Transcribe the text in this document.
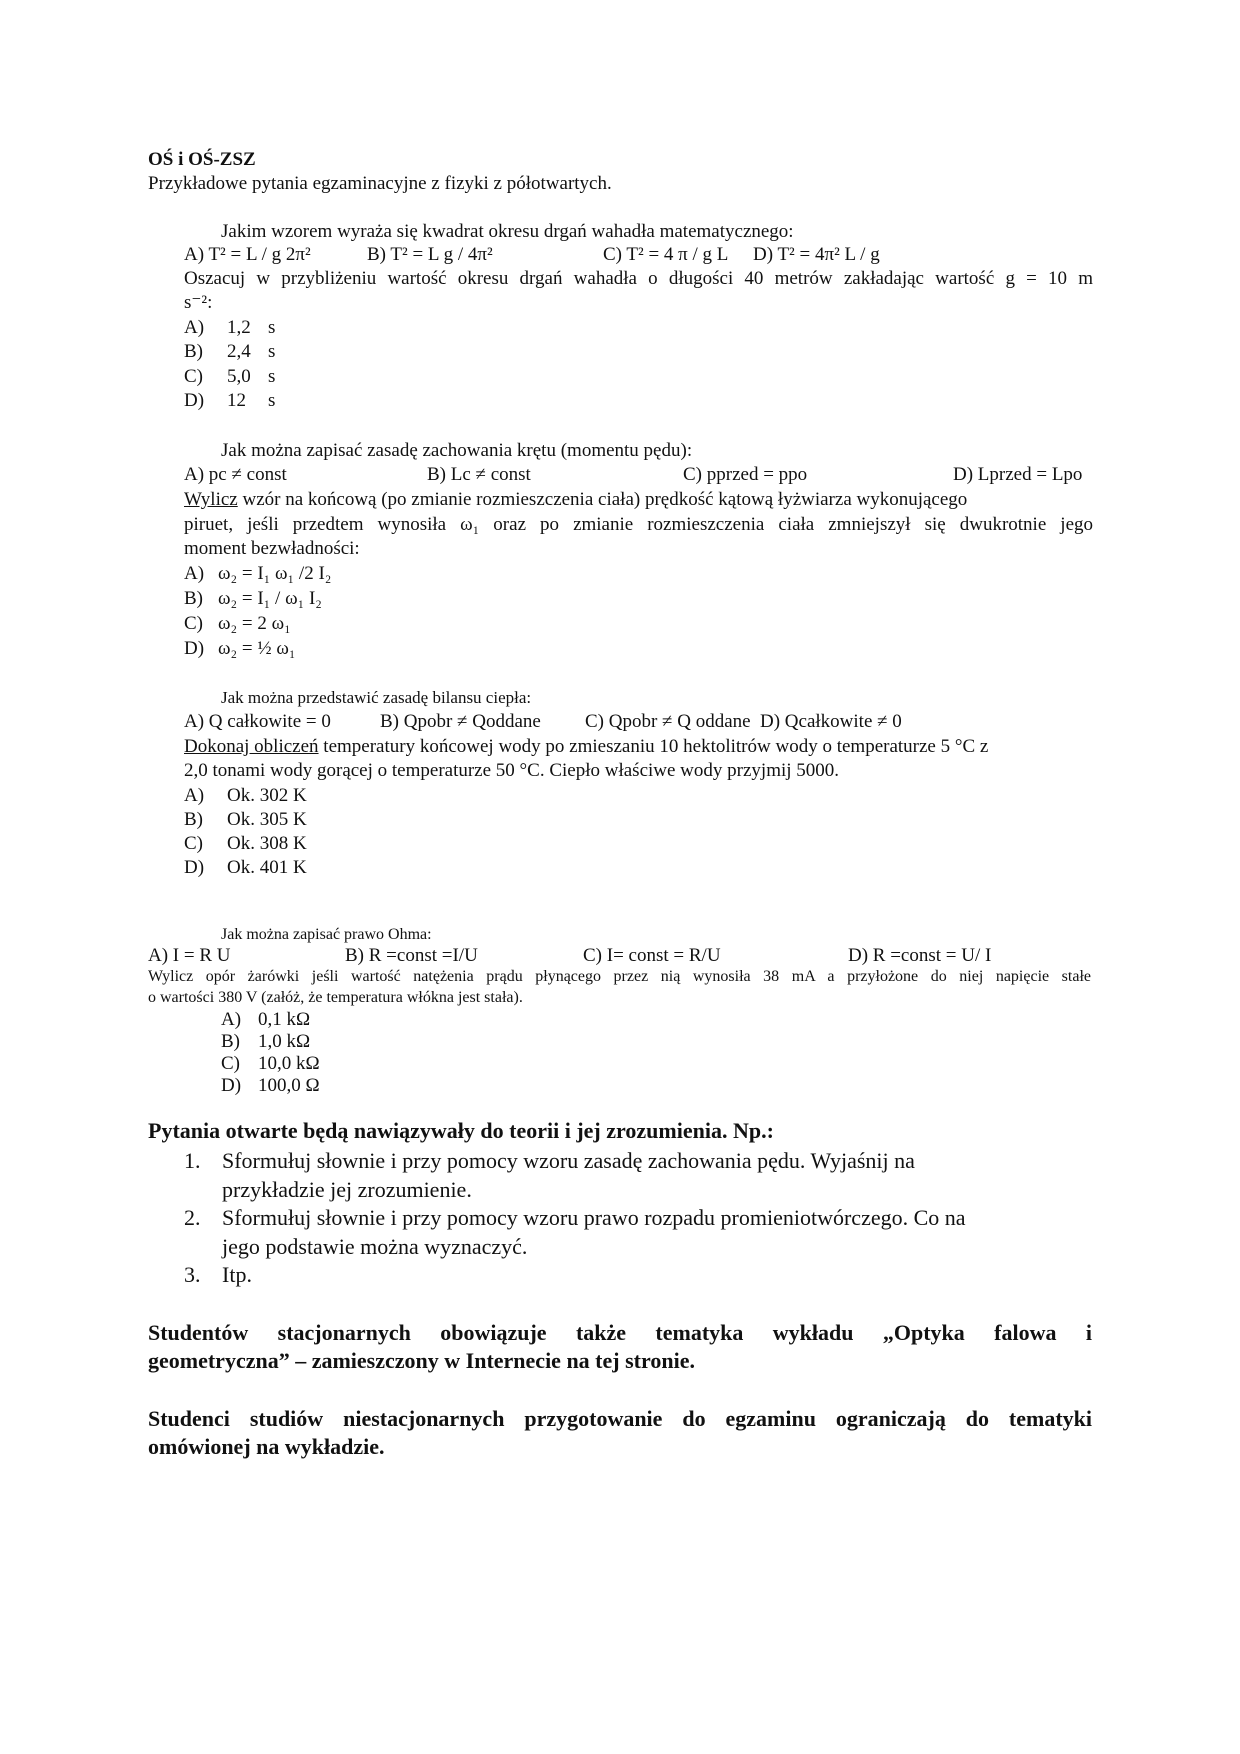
OŚ i OŚ-ZSZ
Przykładowe pytania egzaminacyjne z fizyki z półotwartych.
Jakim wzorem wyraża się kwadrat okresu drgań wahadła matematycznego:
A) T² = L / g 2π²	B) T² = L g / 4π²	C) T² = 4 π / g L D) T² = 4π² L / g
Oszacuj w przybliżeniu wartość okresu drgań wahadła o długości 40 metrów zakładając wartość g = 10 m
s⁻²:
A) 1,2 s
B) 2,4 s
C) 5,0 s
D) 12 s
Jak można zapisać zasadę zachowania krętu (momentu pędu):
A) pc ≠ const	B) Lc ≠ const	C) pprzed = ppo	D) Lprzed = Lpo
Wylicz wzór na końcową (po zmianie rozmieszczenia ciała) prędkość kątową łyżwiarza wykonującego
piruet, jeśli przedtem wynosiła ω₁ oraz po zmianie rozmieszczenia ciała zmniejszył się dwukrotnie jego
moment bezwładności:
A) ω₂ = I₁ ω₁ /2 I₂
B) ω₂ = I₁ / ω₁ I₂
C) ω₂ = 2 ω₁
D) ω₂ = ½ ω₁
Jak można przedstawić zasadę bilansu ciepła:
A) Q całkowite = 0	B) Qpobr ≠ Qoddane C) Qpobr ≠ Q oddane D) Qcałkowite ≠ 0
Dokonaj obliczeń temperatury końcowej wody po zmieszaniu 10 hektolitrów wody o temperaturze 5 °C z
2,0 tonami wody gorącej o temperaturze 50 °C. Ciepło właściwe wody przyjmij 5000.
A) Ok. 302 K
B) Ok. 305 K
C) Ok. 308 K
D) Ok. 401 K
Jak można zapisać prawo Ohma:
A) I = R U	B) R =const =I/U	C) I= const = R/U	D) R =const = U/ I
Wylicz opór żarówki jeśli wartość natężenia prądu płynącego przez nią wynosiła 38 mA a przyłożone do niej napięcie stałe
o wartości 380 V (załóż, że temperatura włókna jest stała).
A) 0,1 kΩ
B) 1,0 kΩ
C) 10,0 kΩ
D) 100,0 Ω
Pytania otwarte będą nawiązywały do teorii i jej zrozumienia. Np.:
1. Sformułuj słownie i przy pomocy wzoru zasadę zachowania pędu. Wyjaśnij na
przykładzie jej zrozumienie.
2. Sformułuj słownie i przy pomocy wzoru prawo rozpadu promieniotwórczego. Co na
jego podstawie można wyznaczyć.
3. Itp.
Studentów stacjonarnych obowiązuje także tematyka wykładu „Optyka falowa i
geometryczna” – zamieszczony w Internecie na tej stronie.
Studenci studiów niestacjonarnych przygotowanie do egzaminu ograniczają do tematyki
omówionej na wykładzie.
